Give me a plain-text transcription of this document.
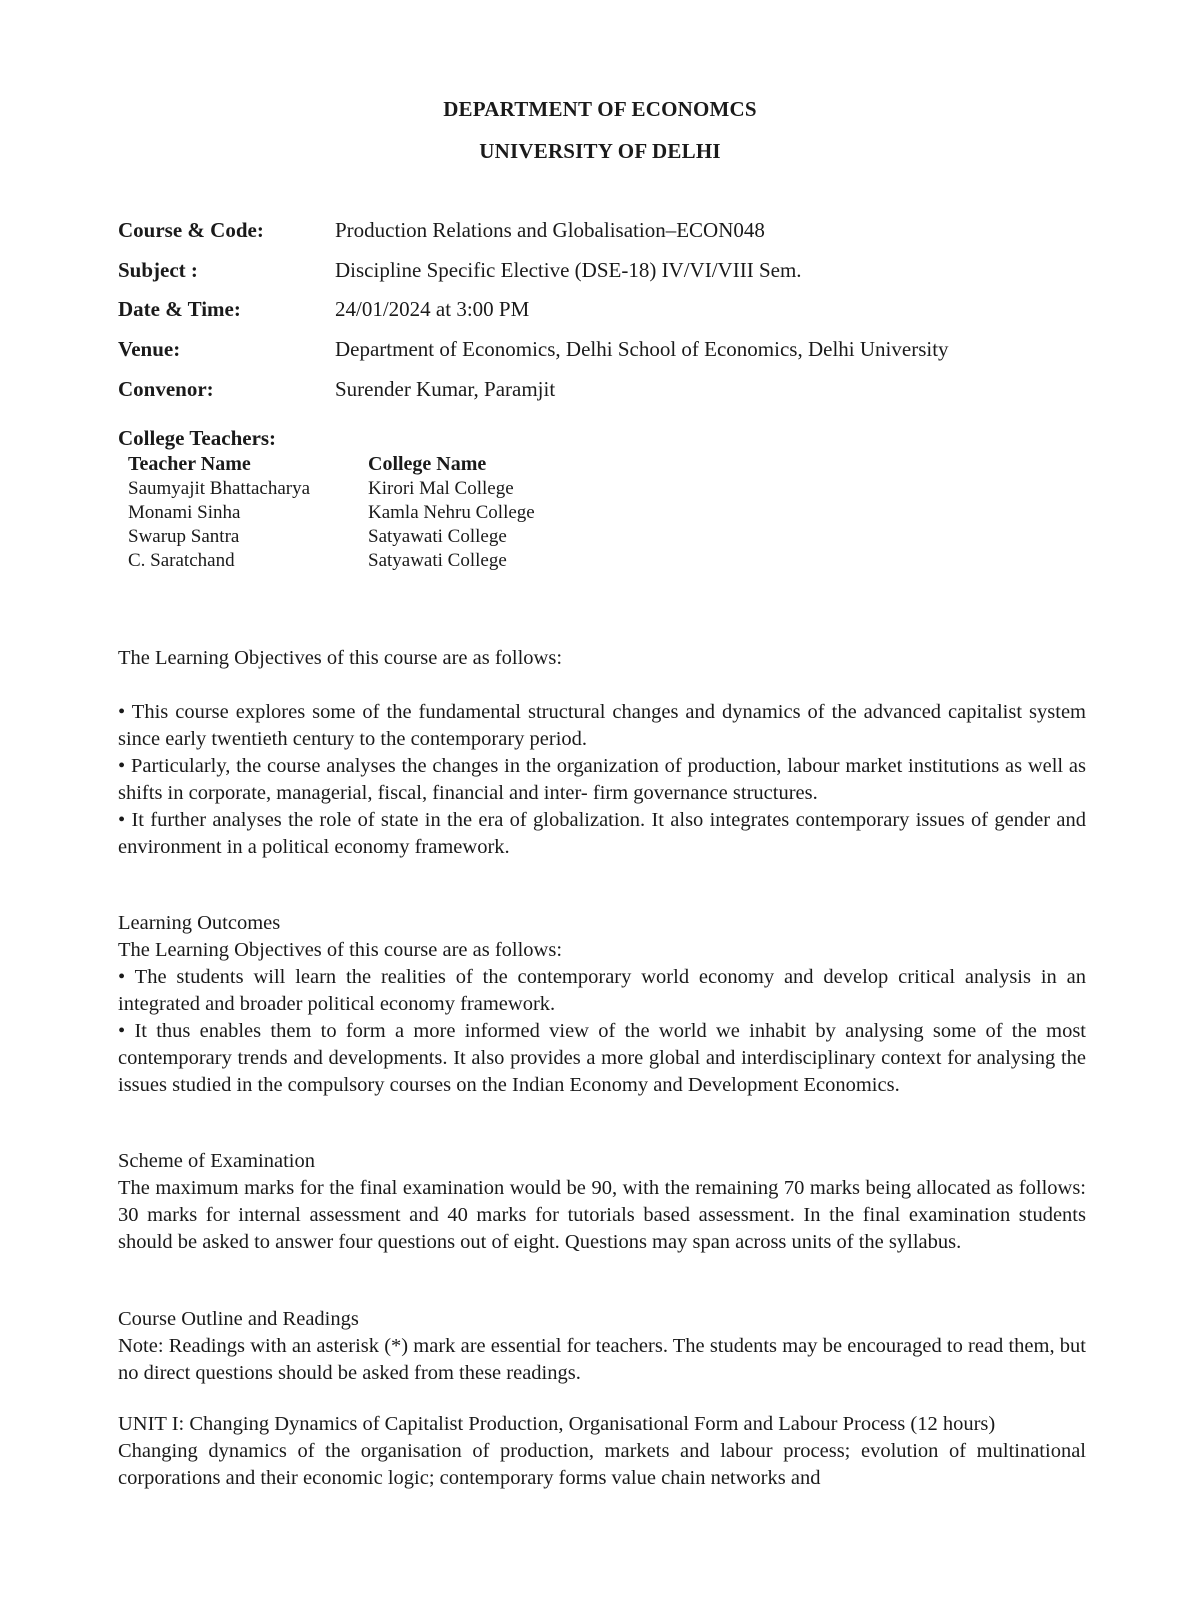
DEPARTMENT OF ECONOMCS
UNIVERSITY OF DELHI
Course & Code:	Production Relations and Globalisation–ECON048
Subject :	Discipline Specific Elective (DSE-18) IV/VI/VIII Sem.
Date & Time:	24/01/2024 at 3:00 PM
Venue:	Department of Economics, Delhi School of Economics, Delhi University
Convenor:	Surender Kumar, Paramjit
College Teachers:
Teacher Name	College Name
Saumyajit Bhattacharya	Kirori Mal College
Monami Sinha	Kamla Nehru College
Swarup Santra	Satyawati College
C. Saratchand	Satyawati College

The Learning Objectives of this course are as follows:

• This course explores some of the fundamental structural changes and dynamics of the advanced capitalist system since early twentieth century to the contemporary period.

• Particularly, the course analyses the changes in the organization of production, labour market institutions as well as shifts in corporate, managerial, fiscal, financial and inter- firm governance structures.

• It further analyses the role of state in the era of globalization. It also integrates contemporary issues of gender and environment in a political economy framework.

Learning Outcomes

The Learning Objectives of this course are as follows:

• The students will learn the realities of the contemporary world economy and develop critical analysis in an integrated and broader political economy framework.

• It thus enables them to form a more informed view of the world we inhabit by analysing some of the most contemporary trends and developments. It also provides a more global and interdisciplinary context for analysing the issues studied in the compulsory courses on the Indian Economy and Development Economics.

Scheme of Examination

The maximum marks for the final examination would be 90, with the remaining 70 marks being allocated as follows: 30 marks for internal assessment and 40 marks for tutorials based assessment. In the final examination students should be asked to answer four questions out of eight. Questions may span across units of the syllabus.

Course Outline and Readings

Note: Readings with an asterisk (*) mark are essential for teachers. The students may be encouraged to read them, but no direct questions should be asked from these readings.

UNIT I: Changing Dynamics of Capitalist Production, Organisational Form and Labour Process (12 hours)

Changing dynamics of the organisation of production, markets and labour process; evolution of multinational corporations and their economic logic; contemporary forms value chain networks and
